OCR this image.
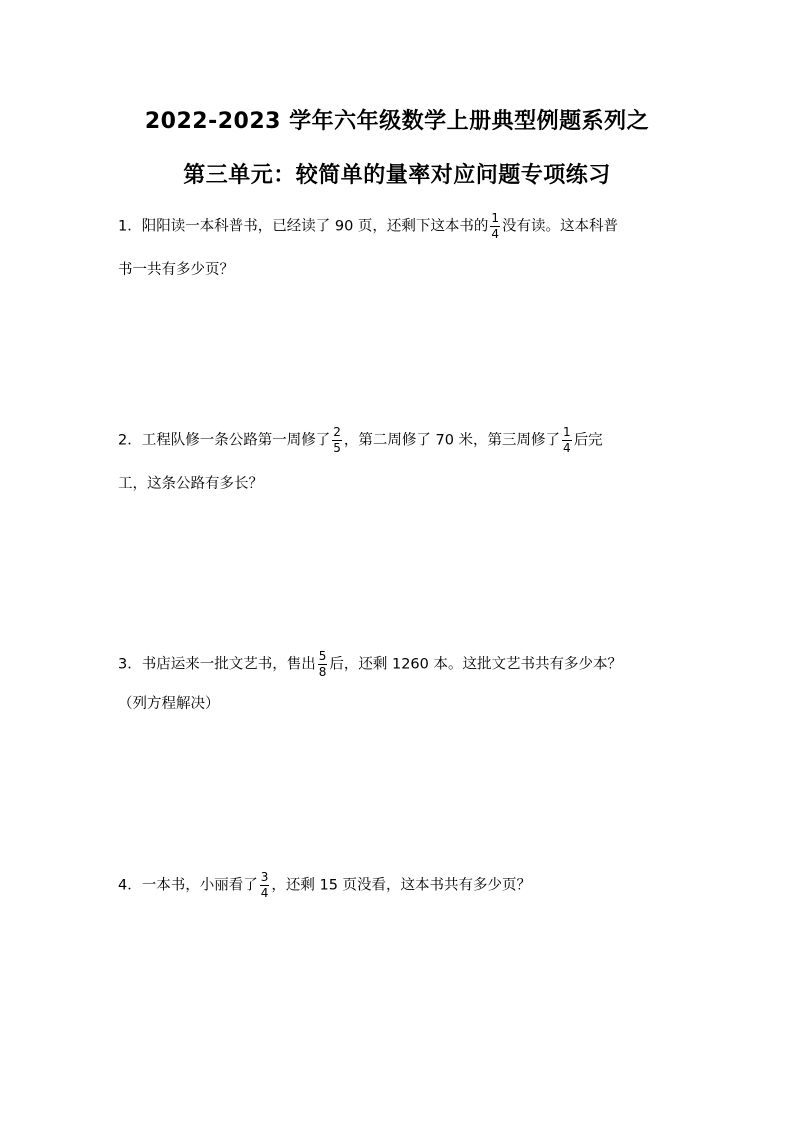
2022-2023 学年六年级数学上册典型例题系列之
第三单元：较简单的量率对应问题专项练习
1．阳阳读一本科普书，已经读了 90 页，还剩下这本书的 $\frac{1}{4}$ 没有读。这本科普
书一共有多少页？
2．工程队修一条公路第一周修了 $\frac{2}{5}$ ，第二周修了 70 米，第三周修了 $\frac{1}{4}$ 后完
工，这条公路有多长？
3．书店运来一批文艺书，售出 $\frac{5}{8}$ 后，还剩 1260 本。这批文艺书共有多少本？
（列方程解决）
4．一本书，小丽看了 $\frac{3}{4}$ ，还剩 15 页没看，这本书共有多少页？
